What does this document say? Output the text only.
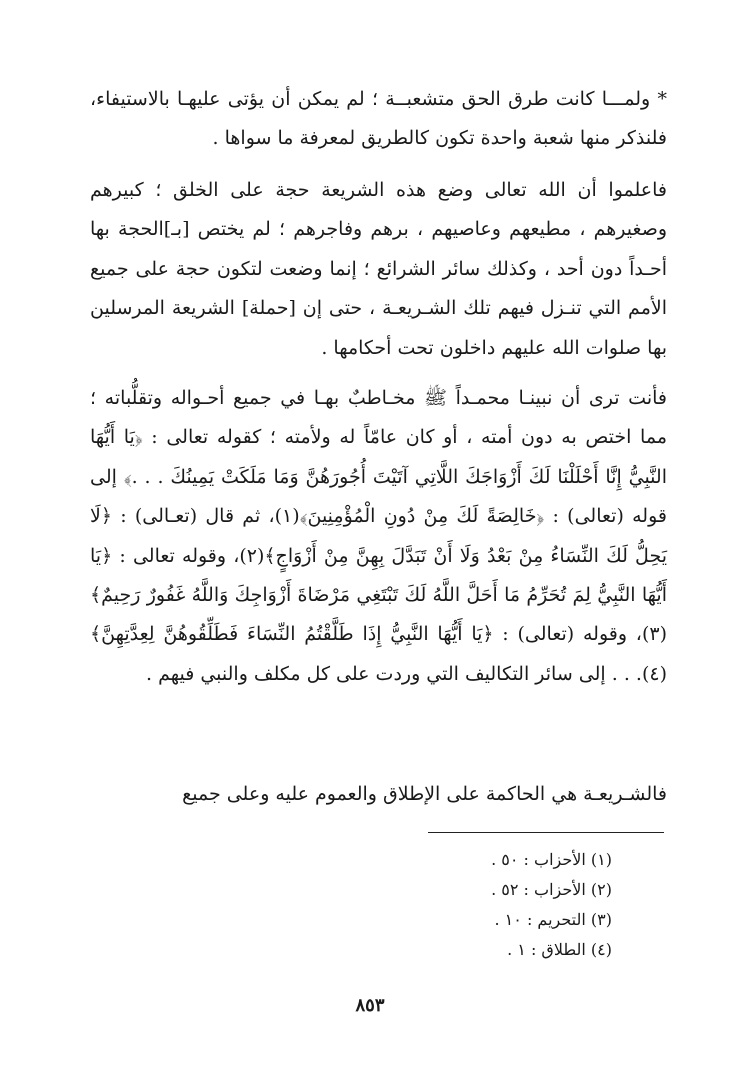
* ولمـــا كانت طرق الحق متشعبــة ؛ لم يمكن أن يؤتى عليهـا بالاستيفاء، فلنذكر منها شعبة واحدة تكون كالطريق لمعرفة ما سواها .

فاعلموا أن الله تعالى وضع هذه الشريعة حجة على الخلق ؛ كبيرهم وصغيرهم ، مطيعهم وعاصيهم ، برهم وفاجرهم ؛ لم يختص [بـ]الحجة بها أحـداً دون أحد ، وكذلك سائر الشرائع ؛ إنما وضعت لتكون حجة على جميع الأمم التي تنـزل فيهم تلك الشـريعـة ، حتى إن [حملة] الشريعة المرسلين بها صلوات الله عليهم داخلون تحت أحكامها .

فأنت ترى أن نبينـا محمـداً ﷺ مخـاطبٌ بهـا في جميع أحـواله وتقلُّباته ؛ مما اختص به دون أمته ، أو كان عامّاً له ولأمته ؛ كقوله تعالى : ﴿يَا أَيُّهَا النَّبِيُّ إِنَّا أَحْلَلْنَا لَكَ أَزْوَاجَكَ اللَّاتِي آتَيْتَ أُجُورَهُنَّ وَمَا مَلَكَتْ يَمِينُكَ . . .﴾ إلى قوله (تعالى) : ﴿خَالِصَةً لَكَ مِنْ دُونِ الْمُؤْمِنِينَ﴾(١)، ثم قال (تعـالى) : ﴿لَا يَحِلُّ لَكَ النِّسَاءُ مِنْ بَعْدُ وَلَا أَنْ تَبَدَّلَ بِهِنَّ مِنْ أَزْوَاجٍ﴾(٢)، وقوله تعالى : ﴿يَا أَيُّهَا النَّبِيُّ لِمَ تُحَرِّمُ مَا أَحَلَّ اللَّهُ لَكَ تَبْتَغِي مَرْضَاةَ أَزْوَاجِكَ وَاللَّهُ غَفُورٌ رَحِيمٌ﴾(٣)، وقوله (تعالى) : ﴿يَا أَيُّهَا النَّبِيُّ إِذَا طَلَّقْتُمُ النِّسَاءَ فَطَلِّقُوهُنَّ لِعِدَّتِهِنَّ﴾(٤). . . إلى سائر التكاليف التي وردت على كل مكلف والنبي فيهم .

فالشـريعـة هي الحاكمة على الإطلاق والعموم عليه وعلى جميع

(١) الأحزاب : ٥٠ .
(٢) الأحزاب : ٥٢ .
(٣) التحريم : ١٠ .
(٤) الطلاق : ١ .
٨٥٣
